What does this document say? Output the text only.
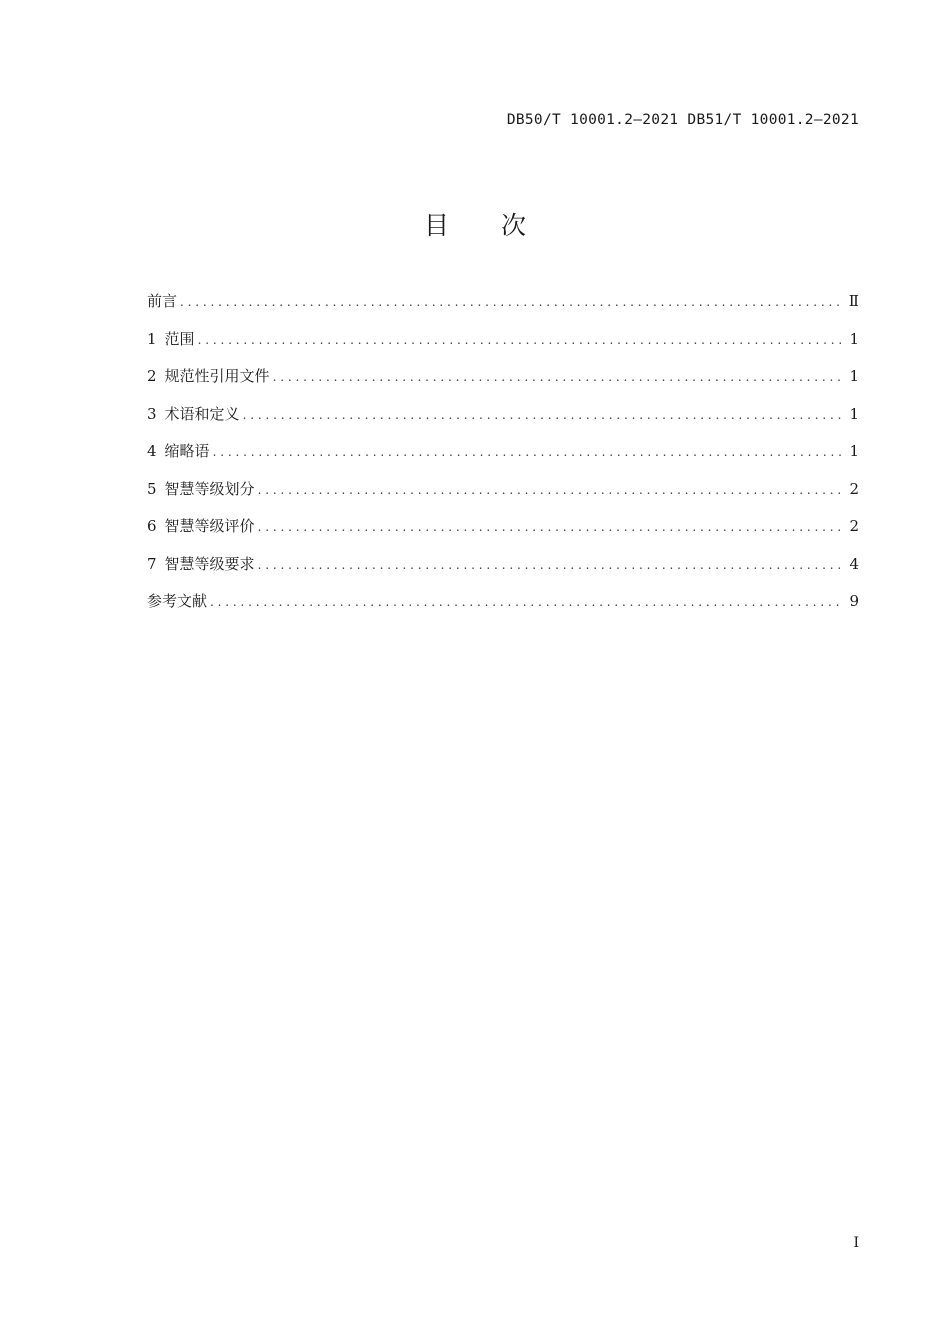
DB50/T 10001.2—2021 DB51/T 10001.2—2021
目 次
前言 . . .	Ⅱ
1 范围 . . .	1
2 规范性引用文件 . . .	1
3 术语和定义 . . .	1
4 缩略语 . . .	1
5 智慧等级划分 . . .	2
6 智慧等级评价 . . .	2
7 智慧等级要求 . . .	4
参考文献 . . .	9
Ⅰ
